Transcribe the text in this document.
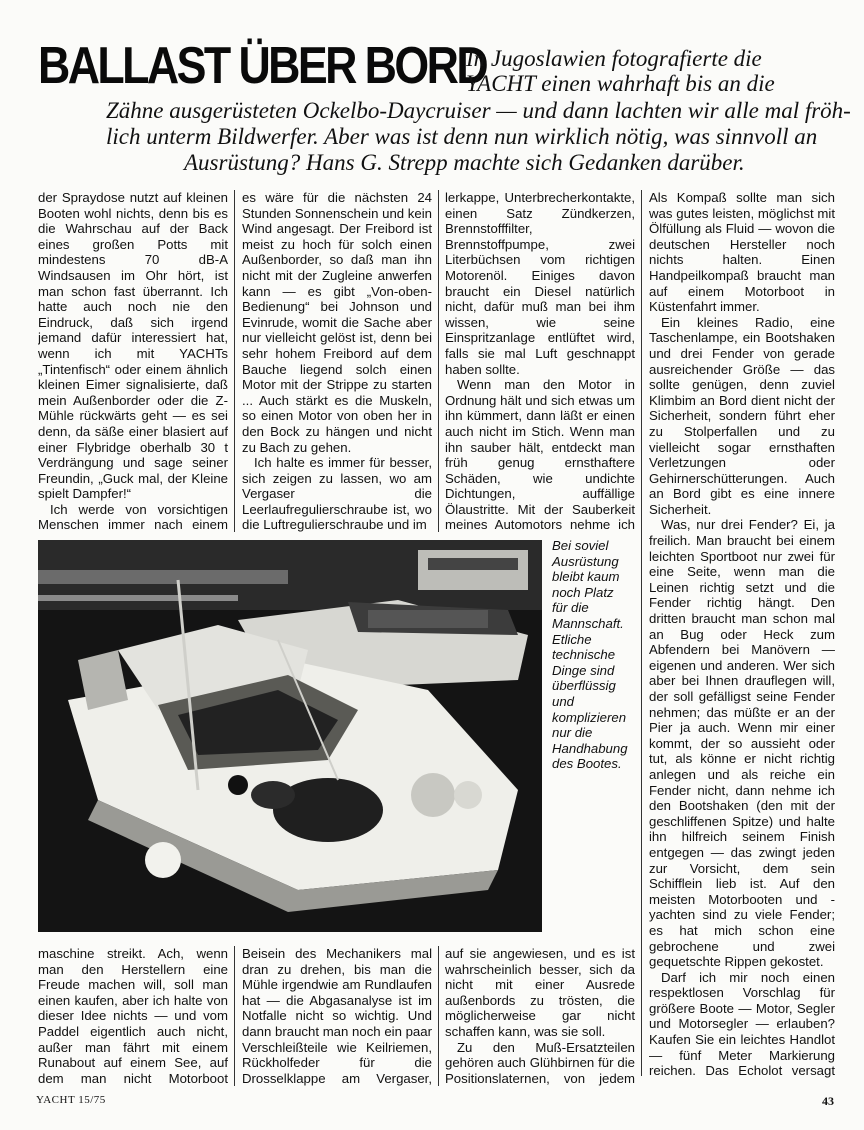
BALLAST ÜBER BORD
In Jugoslawien fotografierte die
YACHT einen wahrhaft bis an die
Zähne ausgerüsteten Ockelbo-Daycruiser — und dann lachten wir alle mal fröh-
lich unterm Bildwerfer. Aber was ist denn nun wirklich nötig, was sinnvoll an
Ausrüstung? Hans G. Strepp machte sich Gedanken darüber.

der Spraydose nutzt auf kleinen Booten wohl nichts, denn bis es die Wahrschau auf der Back eines großen Potts mit mindestens 70 dB-A Windsausen im Ohr hört, ist man schon fast überrannt. Ich hatte auch noch nie den Eindruck, daß sich irgend jemand dafür interessiert hat, wenn ich mit YACHTs „Tintenfisch“ oder einem ähnlich kleinen Eimer signalisierte, daß mein Außenborder oder die Z-Mühle rückwärts geht — es sei denn, da säße einer blasiert auf einer Flybridge oberhalb 30 t Verdrängung und sage seiner Freundin, „Guck mal, der Kleine spielt Dampfer!“

Ich werde von vorsichtigen Menschen immer nach einem

es wäre für die nächsten 24 Stunden Sonnenschein und kein Wind angesagt. Der Freibord ist meist zu hoch für solch einen Außenborder, so daß man ihn nicht mit der Zugleine anwerfen kann — es gibt „Von-oben-Bedienung“ bei Johnson und Evinrude, womit die Sache aber nur vielleicht gelöst ist, denn bei sehr hohem Freibord auf dem Bauche liegend solch einen Motor mit der Strippe zu starten ... Auch stärkt es die Muskeln, so einen Motor von oben her in den Bock zu hängen und nicht zu Bach zu gehen.

Ich halte es immer für besser, sich zeigen zu lassen, wo am Vergaser die Leerlaufregulierschraube ist, wo die Luftregulierschraube und im

lerkappe, Unterbrecherkontakte, einen Satz Zündkerzen, Brennstofffilter, Brennstoffpumpe, zwei Literbüchsen vom richtigen Motorenöl. Einiges davon braucht ein Diesel natürlich nicht, dafür muß man bei ihm wissen, wie seine Einspritzanlage entlüftet wird, falls sie mal Luft geschnappt haben sollte.

Wenn man den Motor in Ordnung hält und sich etwas um ihn kümmert, dann läßt er einen auch nicht im Stich. Wenn man ihn sauber hält, entdeckt man früh genug ernsthaftere Schäden, wie undichte Dichtungen, auffällige Ölaustritte. Mit der Sauberkeit meines Automotors nehme ich

Als Kompaß sollte man sich was gutes leisten, möglichst mit Ölfüllung als Fluid — wovon die deutschen Hersteller noch nichts halten. Einen Handpeilkompaß braucht man auf einem Motorboot in Küstenfahrt immer.

Ein kleines Radio, eine Taschenlampe, ein Bootshaken und drei Fender von gerade ausreichender Größe — das sollte genügen, denn zuviel Klimbim an Bord dient nicht der Sicherheit, sondern führt eher zu Stolperfallen und zu vielleicht sogar ernsthaften Verletzungen oder Gehirnerschütterungen. Auch an Bord gibt es eine innere Sicherheit.

Was, nur drei Fender? Ei, ja freilich. Man braucht bei einem leichten Sportboot nur zwei für eine Seite, wenn man die Leinen richtig setzt und die Fender richtig hängt. Den dritten braucht man schon mal an Bug oder Heck zum Abfendern bei Manövern —eigenen und anderen. Wer sich aber bei Ihnen drauflegen will, der soll gefälligst seine Fender nehmen; das müßte er an der Pier ja auch. Wenn mir einer kommt, der so aussieht oder tut, als könne er nicht richtig anlegen und als reiche ein Fender nicht, dann nehme ich den Bootshaken (den mit der geschliffenen Spitze) und halte ihn hilfreich seinem Finish entgegen — das zwingt jeden zur Vorsicht, dem sein Schifflein lieb ist. Auf den meisten Motorbooten und -yachten sind zu viele Fender; es hat mich schon eine gebrochene und zwei gequetschte Rippen gekostet.

Darf ich mir noch einen respektlosen Vorschlag für größere Boote — Motor, Segler und Motorsegler — erlauben? Kaufen Sie ein leichtes Handlot — fünf Meter Markierung reichen. Das Echolot versagt

Bei soviel Ausrüstung bleibt kaum noch Platz für die Mannschaft. Etliche technische Dinge sind überflüssig und komplizieren nur die Handhabung des Bootes.

maschine streikt. Ach, wenn man den Herstellern eine Freude machen will, soll man einen kaufen, aber ich halte von dieser Idee nichts — und vom Paddel eigentlich auch nicht, außer man fährt mit einem Runabout auf einem See, auf dem man nicht Motorboot

Beisein des Mechanikers mal dran zu drehen, bis man die Mühle irgendwie am Rundlaufen hat — die Abgasanalyse ist im Notfalle nicht so wichtig. Und dann braucht man noch ein paar Verschleißteile wie Keilriemen, Rückholfeder für die Drosselklappe am Vergaser,

auf sie angewiesen, und es ist wahrscheinlich besser, sich da nicht mit einer Ausrede außenbords zu trösten, die möglicherweise gar nicht schaffen kann, was sie soll.

Zu den Muß-Ersatzteilen gehören auch Glühbirnen für die Positionslaternen, von jedem

YACHT 15/75	43
